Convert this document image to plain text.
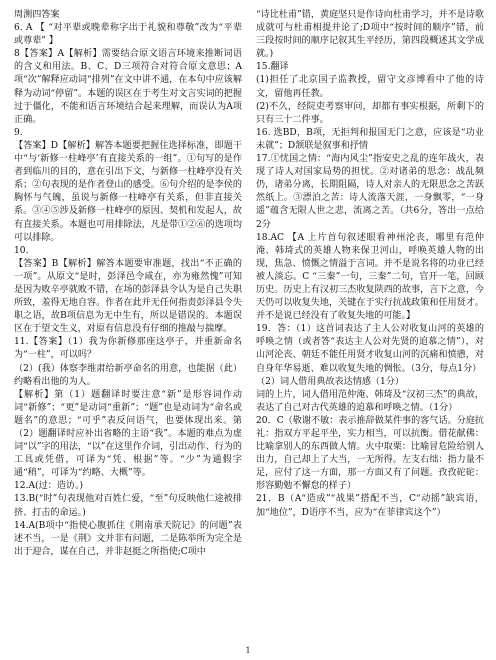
周测四答案

6. A 【 “对平辈或晚辈称字出于礼貌和尊敬”改为“平辈或尊辈” 】

8【答案】A【解析】需要结合原文语言环境来推断词语的含义和用法。B、C、D三项符合对符合原文意思；A项“次”解释应动词“排列”在文中讲不通，在本句中应该解释为动词“停留”。本题的误区在于考生对文言实词的把握过于僵化，不能和语言环境结合起来理解，而误认为A项正确。

9.

【答案】D【解析】解答本题要把握住选择标准，即题干中“与‘新修一柱峰亭’有直接关系的一组”。①句写的是作者到临川的目的，意在引出下文，与新修一柱峰亭没有关系；②句表现的是作者登山的感受。⑥句介绍的是李侯的胸怀与气魄，虽说与新修一柱峰亭有关系，但非直接关系。③④⑤涉及新修一柱峰亭的原因、契机和发起人，故有直接关系。本题也可用排除法，凡是带①②⑥的选项均可以排除。

10.

【答案】B【解析】解答本题要审准题，找出“不正确的一项”。从原文“是时，彭泽邑令咸在，亦为雍然愧”可知是因为败辛亭就败不错，在场的彭泽县令认为是自己失职所致，羞得无地自容。作者在此并无任何指责彭泽县令失职之语，故B项信息为无中生有，所以是错误的。本题误区在于望文生义，对原有信息没有仔细的推敲与揣摩。

11.【答案】（1）我为你新修那座这亭子，并重新命名为“一柱”，可以吗？

（2）(我）体察李维肃给新亭命名的用意，也能据（此）约略看出他的为人。

【解析】第（1）题翻译时要注意“新”是形容词作动词“新修”；“更”是动词“重新”；“题”也是动词为“命名或题名”的意思；“可乎”表反问语气，也要体现出来。第（2）题翻译时应补出省略的主语“我”。本题的难点为虚词“以”字的用法，“以”在这里作介词，引出动作、行为的工具或凭借，可译为“凭、根据”等。“少”为通假字通“稍”，可译为“约略、大概”等。

12.A(过：造访。)

13.B(“时”句表现他对百姓仁爱，“至”句反映他仁途被排挤、打击的命运。)

14.A(B项中“指使心腹抓住《荆南承天院记》的问题”表述不当，一是《荆》文并非有问题，二是陈举所为完全是出于迎合，谋在自己，并非赵挺之所指使;C项中

“诗比杜甫”错，黄庭坚只是作诗向杜甫学习，并不是诗歌成就可与杜甫相提并论了;D项中“按时间的顺序”错，前三段按时间的顺序记叙其生平经历，第四段概述其文学成就。)

15.翻译

(1)担任了北京国子监教授，留守文彦博看中了他的诗文，留他再任教。

(2)不久，经院吏考察审问，却都有事实根据，所剩下的只有三十二件事。

16. 选BD，B项，无拒判和报国无门之意，应该是“功业未就”；D颔联是叙事和抒情

17.①忧国之情：“海内风尘”指安史之乱的连年战火，表现了诗人对国家局势的担忧。②对诸弟的思念：战乱频仍，诸弟分离，长期阻隔，诗人对亲人的无限思念之苦跃然纸上。③漂泊之苦：诗人流落天涯，一身飘零，“一身遥”蕴含无限人世之悲，流离之苦。（共6分，答出一点给2分

18.AC 【A 上片首句叙述眼看神州沦丧，哪里有范仲淹、韩琦式的英雄人物来保卫河山，呼唤英雄人物的出现，焦急、愤慨之情溢于言词。并不是说名将的功业已经被人淡忘。C “三秦”一句，三秦”二句，官开一笔，回顾历史。历史上有汉初三杰收复陕西的故事，言下之意，今天仍可以收复失地，关键在于实行抗战政策和任用贤才。并不是说已经没有了收复失地的可能。】

19．答：（1）这首词表达了主人公对收复山河的英雄的呼唤之情（或者答“表达主人公对先贤的追慕之情”），对山河沦丧、朝廷不能任用贤才收复山河的沉痛和愤懑，对自身年华易逝、难以收复失地的惆怅。（3分，每点1分）

（2）词人借用典故表达情感（1分）

词的上片，词人借用范仲淹、韩琦及“汉初三杰”的典故，表达了自己对古代英雄的追慕和呼唤之情。（1分）

20．C（敬谢不敏：表示推辞做某件事的客气话。分庭抗礼：指双方平起平坐，实力相当，可以抗衡。借花献佛：比喻拿别人的东西做人情。火中取栗：比喻冒危险给别人出力，自己却上了大当，一无所得。左支右绌：指力量不足，应付了这一方面，那一方面又有了问题。孜孜砣砣：形容勤勉不懈怠的样子）

21．B（A“造成”“战果”搭配不当，C“动摇”缺宾语，加“地位”，D语序不当，应为“在菲律宾这个”）

1
